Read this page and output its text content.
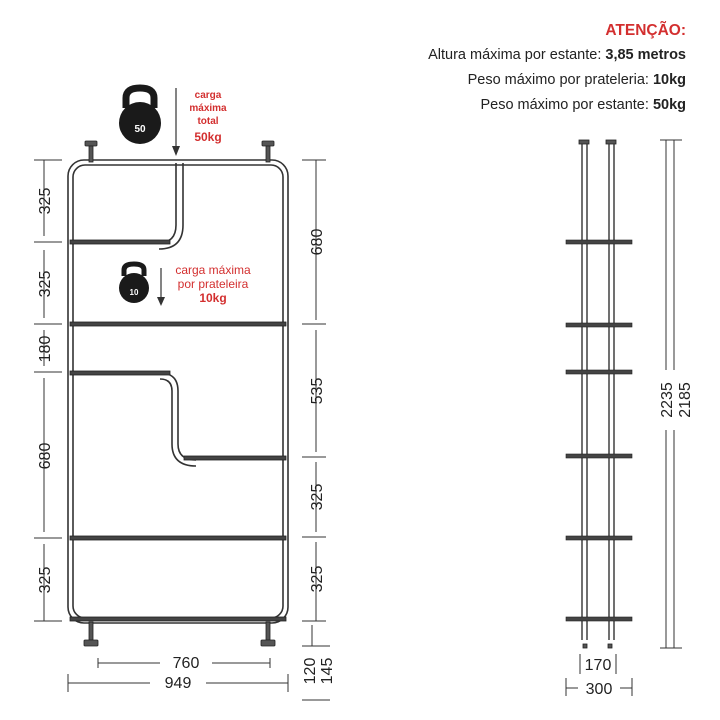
ATENÇÃO:
Altura máxima por estante: 3,85 metros
Peso máximo por prateleria: 10kg
Peso máximo por estante: 50kg
50
carga
máxima
total
50kg
10
carga máxima
por prateleira
10kg
325
325
180
680
325
680
535
325
325
120 145
760
949
2235 2185
170
300
